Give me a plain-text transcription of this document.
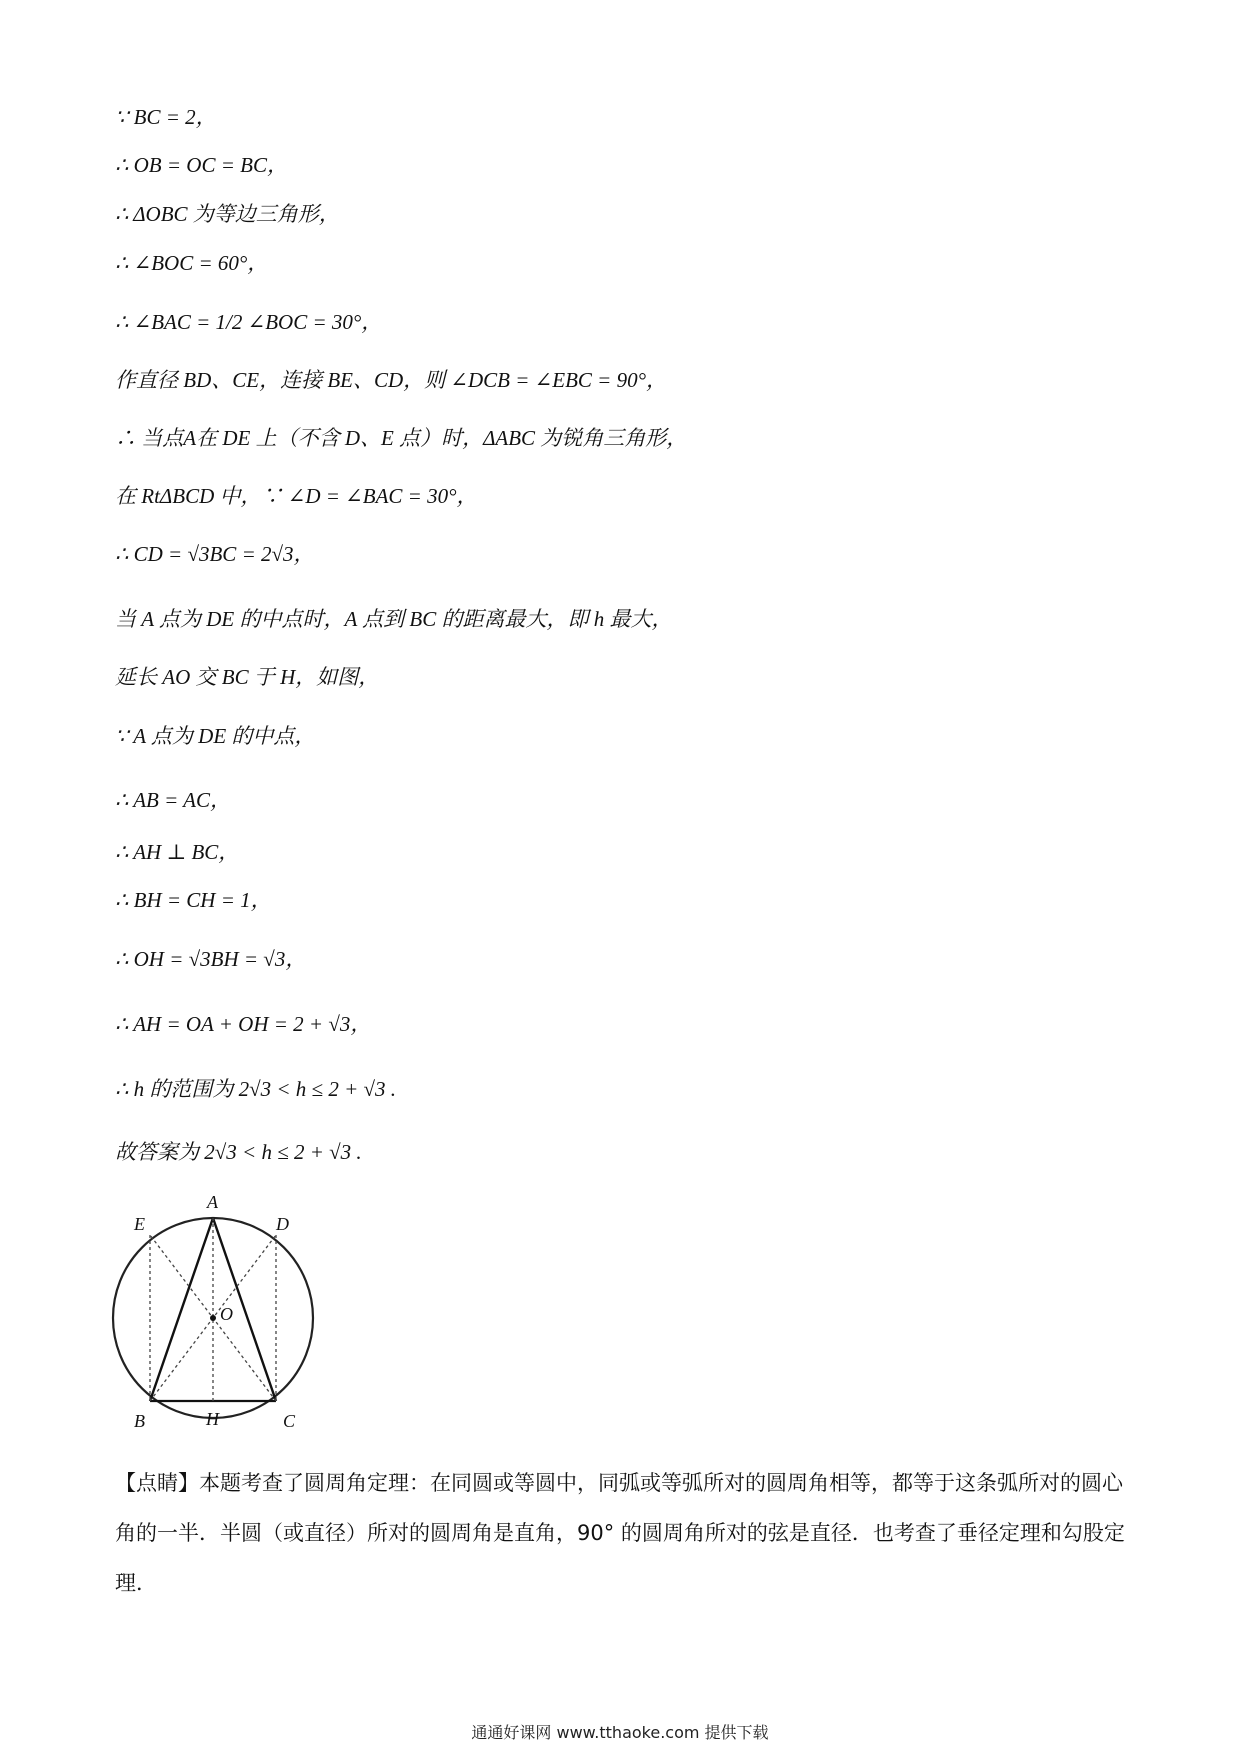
∵ BC = 2，
∴ OB = OC = BC，
∴ ΔOBC 为等边三角形，
∴ ∠BOC = 60°，
∴ ∠BAC = 1/2 ∠BOC = 30°，
作直径 BD、CE，连接 BE、CD，则 ∠DCB = ∠EBC = 90°，
∴ 当点A在 DE 上（不含 D、E 点）时，ΔABC 为锐角三角形，
在 RtΔBCD 中，∵ ∠D = ∠BAC = 30°，
∴ CD = √3BC = 2√3，
当 A 点为 DE 的中点时，A 点到 BC 的距离最大，即 h 最大，
延长 AO 交 BC 于 H，如图，
∵ A 点为 DE 的中点，
∴ AB = AC，
∴ AH ⊥ BC，
∴ BH = CH = 1，
∴ OH = √3BH = √3，
∴ AH = OA + OH = 2 + √3，
∴ h 的范围为 2√3 < h ≤ 2 + √3 .
故答案为 2√3 < h ≤ 2 + √3 .
A
B	C
D
E
O
H
【点睛】本题考查了圆周角定理：在同圆或等圆中，同弧或等弧所对的圆周角相等，都等于这条弧所对的圆心角的一半．半圆（或直径）所对的圆周角是直角，90° 的圆周角所对的弦是直径．也考查了垂径定理和勾股定理．
通通好课网 www.tthaoke.com 提供下载
